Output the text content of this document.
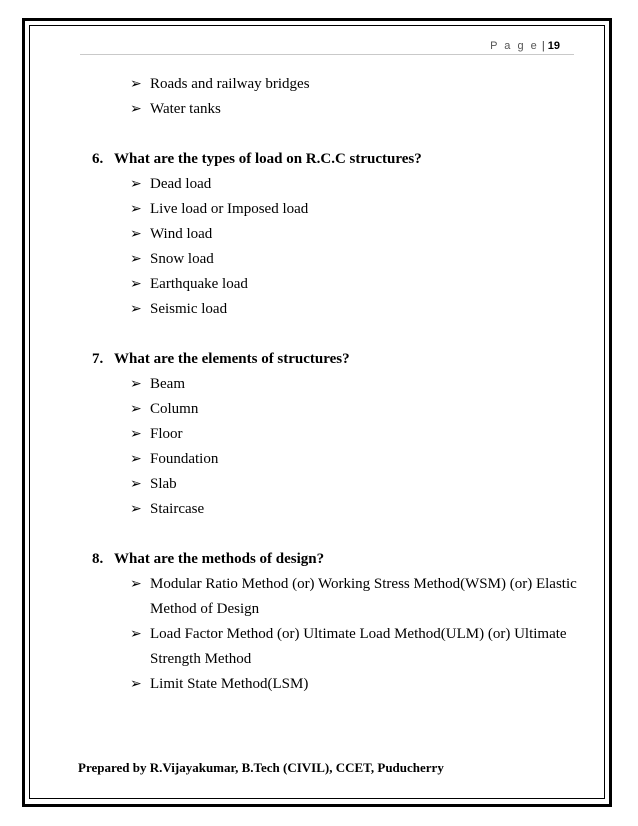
P a g e | 19
➢ Roads and railway bridges
➢ Water tanks
6. What are the types of load on R.C.C structures?
➢ Dead load
➢ Live load or Imposed load
➢ Wind load
➢ Snow load
➢ Earthquake load
➢ Seismic load
7. What are the elements of structures?
➢ Beam
➢ Column
➢ Floor
➢ Foundation
➢ Slab
➢ Staircase
8. What are the methods of design?
➢ Modular Ratio Method (or) Working Stress Method(WSM) (or) Elastic Method of Design
➢ Load Factor Method (or) Ultimate Load Method(ULM) (or) Ultimate Strength Method
➢ Limit State Method(LSM)
Prepared by R.Vijayakumar, B.Tech (CIVIL), CCET, Puducherry
